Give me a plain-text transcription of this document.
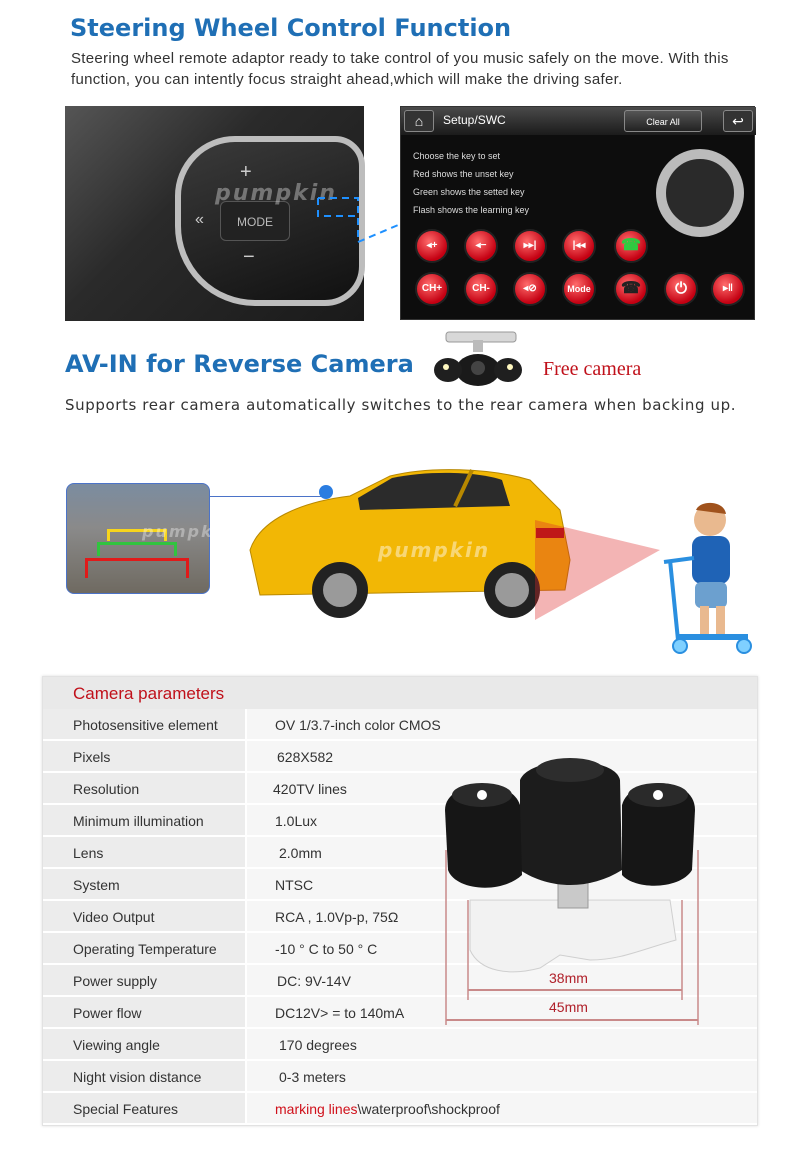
Steering Wheel Control Function
Steering wheel remote adaptor ready to take control of you music safely on the move. With this function, you can intently focus straight ahead,which will make the driving safer.
+
«	MODE
−
pumpkin
⌂	Setup/SWC	Clear All	↩
Choose the key to set
Red shows the unset key
Green shows the setted key
Flash shows the learning key
◂+	◂−	▸▸|	|◂◂	☎
CH+	CH-	◂⊘	Mode	☎	⏻	▸‖
AV-IN for Reverse Camera	Free camera
Supports rear camera automatically switches to the rear camera when backing up.
pumpkin
pumpkin
Camera parameters
Photosensitive element	OV 1/3.7-inch color CMOS
Pixels	628X582
Resolution	420TV lines
Minimum illumination	1.0Lux
Lens	2.0mm
System	NTSC
Video Output	RCA , 1.0Vp-p, 75Ω
Operating Temperature	-10 ° C to 50 ° C
Power supply	DC: 9V-14V
Power flow	DC12V> = to 140mA
Viewing angle	170 degrees
Night vision distance	0-3 meters
Special Features	marking lines\waterproof\shockproof
38mm
45mm
